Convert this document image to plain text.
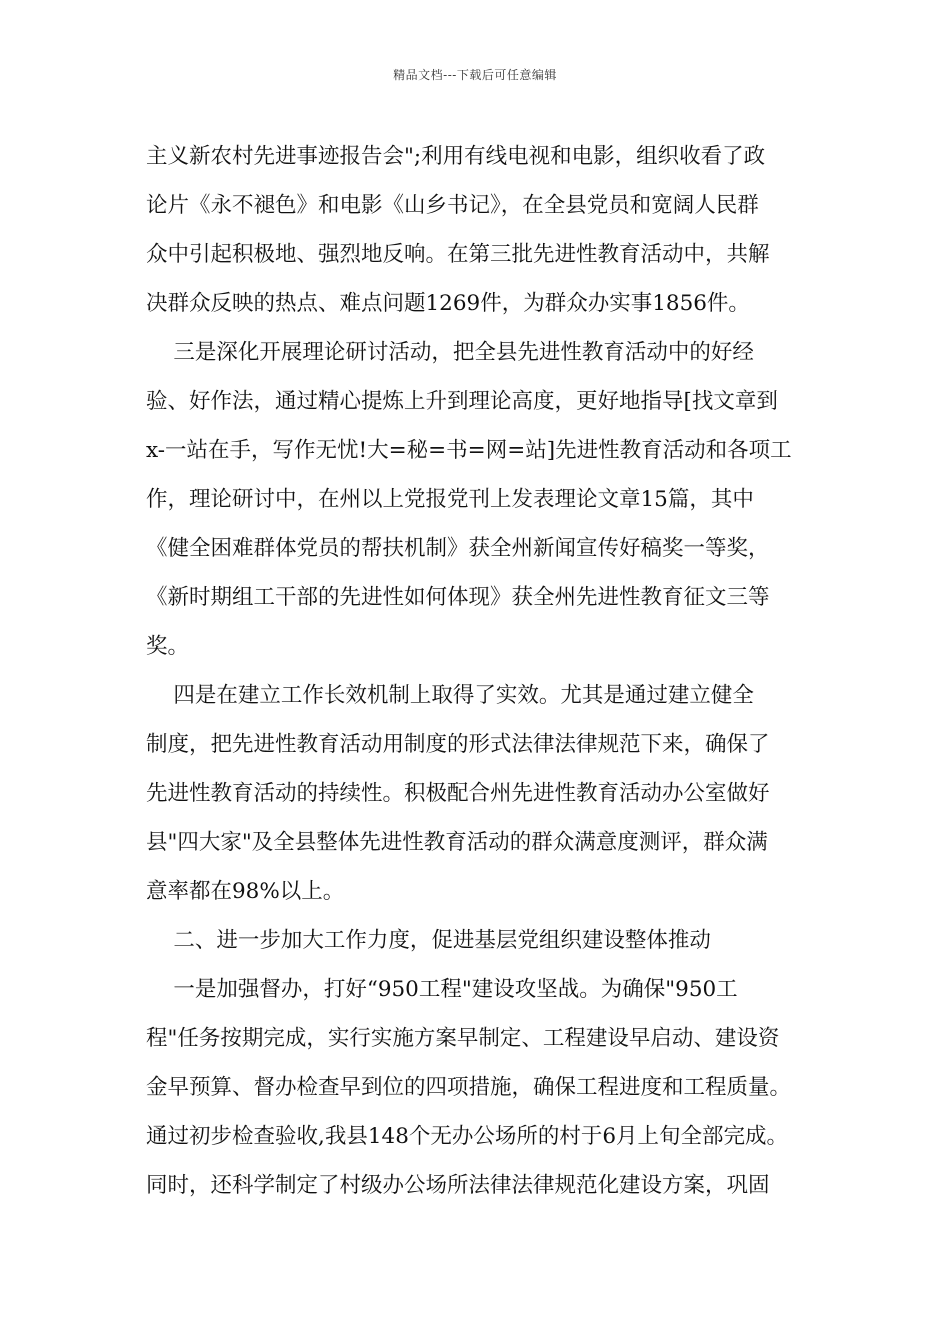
精品文档---下载后可任意编辑
主义新农村先进事迹报告会";利用有线电视和电影，组织收看了政
论片《永不褪色》和电影《山乡书记》，在全县党员和宽阔人民群
众中引起积极地、强烈地反响。在第三批先进性教育活动中，共解
决群众反映的热点、难点问题1269件，为群众办实事1856件。
三是深化开展理论研讨活动，把全县先进性教育活动中的好经
验、好作法，通过精心提炼上升到理论高度，更好地指导[找文章到
x-一站在手，写作无忧!大=秘=书=网=站]先进性教育活动和各项工
作，理论研讨中，在州以上党报党刊上发表理论文章15篇，其中
《健全困难群体党员的帮扶机制》获全州新闻宣传好稿奖一等奖，
《新时期组工干部的先进性如何体现》获全州先进性教育征文三等
奖。
四是在建立工作长效机制上取得了实效。尤其是通过建立健全
制度，把先进性教育活动用制度的形式法律法律规范下来，确保了
先进性教育活动的持续性。积极配合州先进性教育活动办公室做好
县"四大家"及全县整体先进性教育活动的群众满意度测评，群众满
意率都在98%以上。
二、进一步加大工作力度，促进基层党组织建设整体推动
一是加强督办，打好“950工程"建设攻坚战。为确保"950工
程"任务按期完成，实行实施方案早制定、工程建设早启动、建设资
金早预算、督办检查早到位的四项措施，确保工程进度和工程质量。
通过初步检查验收,我县148个无办公场所的村于6月上旬全部完成。
同时，还科学制定了村级办公场所法律法律规范化建设方案，巩固
